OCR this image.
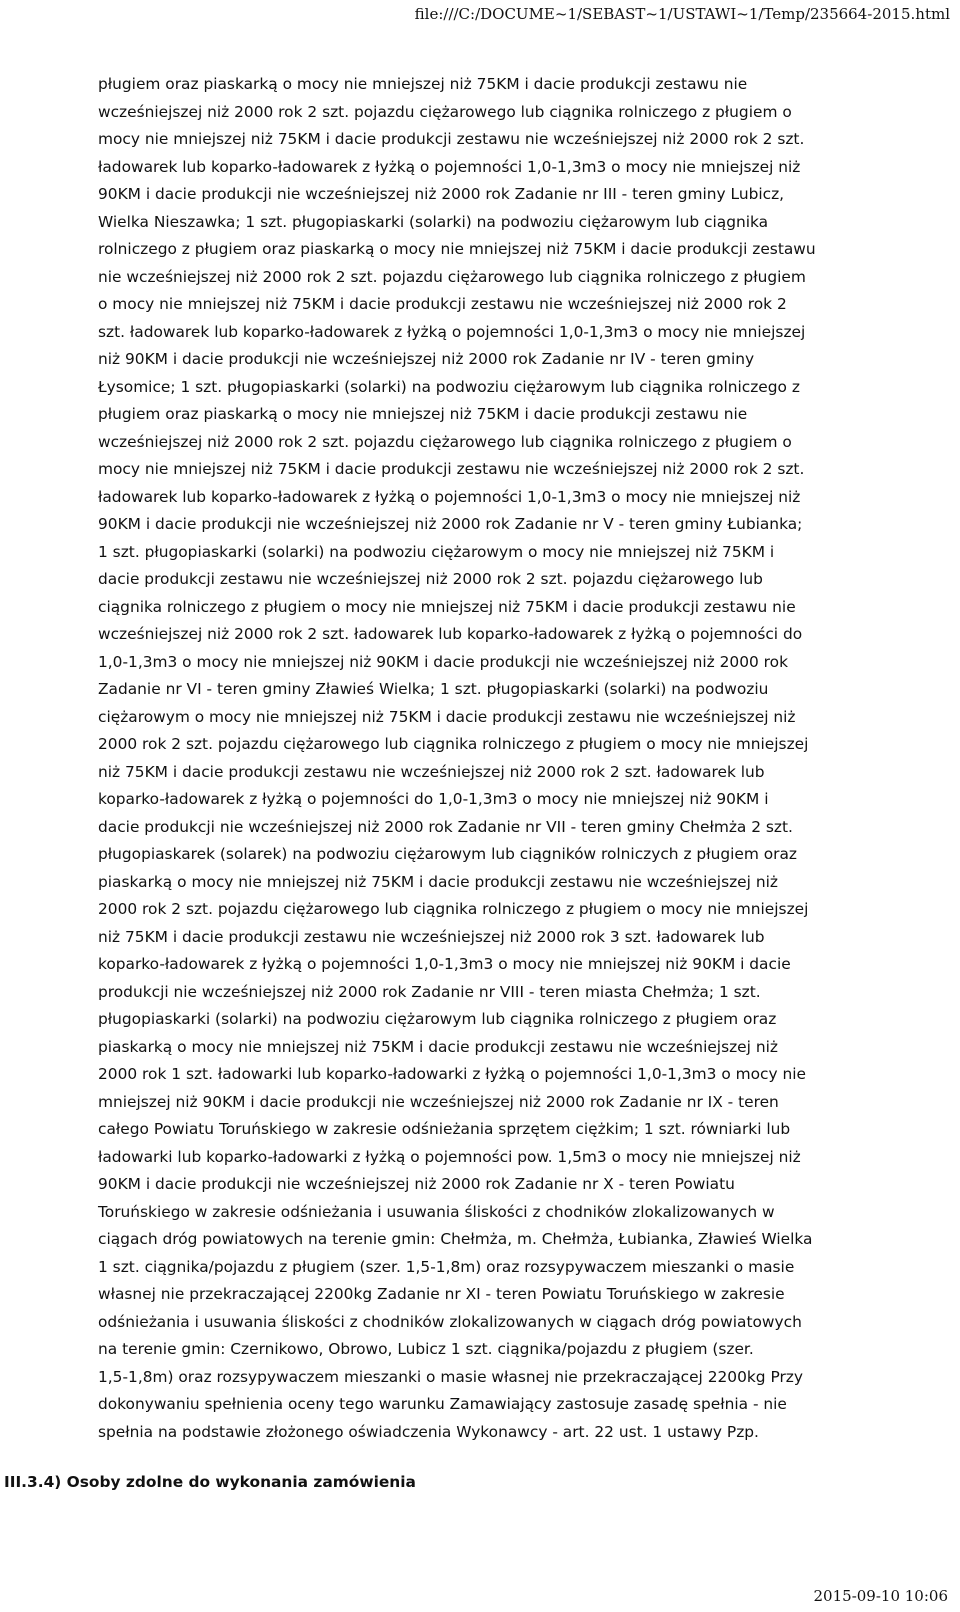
file:///C:/DOCUME~1/SEBAST~1/USTAWI~1/Temp/235664-2015.html
pługiem oraz piaskarką o mocy nie mniejszej niż 75KM i dacie produkcji zestawu nie
wcześniejszej niż 2000 rok 2 szt. pojazdu ciężarowego lub ciągnika rolniczego z pługiem o
mocy nie mniejszej niż 75KM i dacie produkcji zestawu nie wcześniejszej niż 2000 rok 2 szt.
ładowarek lub koparko-ładowarek z łyżką o pojemności 1,0-1,3m3 o mocy nie mniejszej niż
90KM i dacie produkcji nie wcześniejszej niż 2000 rok Zadanie nr III - teren gminy Lubicz,
Wielka Nieszawka; 1 szt. pługopiaskarki (solarki) na podwoziu ciężarowym lub ciągnika
rolniczego z pługiem oraz piaskarką o mocy nie mniejszej niż 75KM i dacie produkcji zestawu
nie wcześniejszej niż 2000 rok 2 szt. pojazdu ciężarowego lub ciągnika rolniczego z pługiem
o mocy nie mniejszej niż 75KM i dacie produkcji zestawu nie wcześniejszej niż 2000 rok 2
szt. ładowarek lub koparko-ładowarek z łyżką o pojemności 1,0-1,3m3 o mocy nie mniejszej
niż 90KM i dacie produkcji nie wcześniejszej niż 2000 rok Zadanie nr IV - teren gminy
Łysomice; 1 szt. pługopiaskarki (solarki) na podwoziu ciężarowym lub ciągnika rolniczego z
pługiem oraz piaskarką o mocy nie mniejszej niż 75KM i dacie produkcji zestawu nie
wcześniejszej niż 2000 rok 2 szt. pojazdu ciężarowego lub ciągnika rolniczego z pługiem o
mocy nie mniejszej niż 75KM i dacie produkcji zestawu nie wcześniejszej niż 2000 rok 2 szt.
ładowarek lub koparko-ładowarek z łyżką o pojemności 1,0-1,3m3 o mocy nie mniejszej niż
90KM i dacie produkcji nie wcześniejszej niż 2000 rok Zadanie nr V - teren gminy Łubianka;
1 szt. pługopiaskarki (solarki) na podwoziu ciężarowym o mocy nie mniejszej niż 75KM i
dacie produkcji zestawu nie wcześniejszej niż 2000 rok 2 szt. pojazdu ciężarowego lub
ciągnika rolniczego z pługiem o mocy nie mniejszej niż 75KM i dacie produkcji zestawu nie
wcześniejszej niż 2000 rok 2 szt. ładowarek lub koparko-ładowarek z łyżką o pojemności do
1,0-1,3m3 o mocy nie mniejszej niż 90KM i dacie produkcji nie wcześniejszej niż 2000 rok
Zadanie nr VI - teren gminy Zławieś Wielka; 1 szt. pługopiaskarki (solarki) na podwoziu
ciężarowym o mocy nie mniejszej niż 75KM i dacie produkcji zestawu nie wcześniejszej niż
2000 rok 2 szt. pojazdu ciężarowego lub ciągnika rolniczego z pługiem o mocy nie mniejszej
niż 75KM i dacie produkcji zestawu nie wcześniejszej niż 2000 rok 2 szt. ładowarek lub
koparko-ładowarek z łyżką o pojemności do 1,0-1,3m3 o mocy nie mniejszej niż 90KM i
dacie produkcji nie wcześniejszej niż 2000 rok Zadanie nr VII - teren gminy Chełmża 2 szt.
pługopiaskarek (solarek) na podwoziu ciężarowym lub ciągników rolniczych z pługiem oraz
piaskarką o mocy nie mniejszej niż 75KM i dacie produkcji zestawu nie wcześniejszej niż
2000 rok 2 szt. pojazdu ciężarowego lub ciągnika rolniczego z pługiem o mocy nie mniejszej
niż 75KM i dacie produkcji zestawu nie wcześniejszej niż 2000 rok 3 szt. ładowarek lub
koparko-ładowarek z łyżką o pojemności 1,0-1,3m3 o mocy nie mniejszej niż 90KM i dacie
produkcji nie wcześniejszej niż 2000 rok Zadanie nr VIII - teren miasta Chełmża; 1 szt.
pługopiaskarki (solarki) na podwoziu ciężarowym lub ciągnika rolniczego z pługiem oraz
piaskarką o mocy nie mniejszej niż 75KM i dacie produkcji zestawu nie wcześniejszej niż
2000 rok 1 szt. ładowarki lub koparko-ładowarki z łyżką o pojemności 1,0-1,3m3 o mocy nie
mniejszej niż 90KM i dacie produkcji nie wcześniejszej niż 2000 rok Zadanie nr IX - teren
całego Powiatu Toruńskiego w zakresie odśnieżania sprzętem ciężkim; 1 szt. równiarki lub
ładowarki lub koparko-ładowarki z łyżką o pojemności pow. 1,5m3 o mocy nie mniejszej niż
90KM i dacie produkcji nie wcześniejszej niż 2000 rok Zadanie nr X - teren Powiatu
Toruńskiego w zakresie odśnieżania i usuwania śliskości z chodników zlokalizowanych w
ciągach dróg powiatowych na terenie gmin: Chełmża, m. Chełmża, Łubianka, Zławieś Wielka
1 szt. ciągnika/pojazdu z pługiem (szer. 1,5-1,8m) oraz rozsypywaczem mieszanki o masie
własnej nie przekraczającej 2200kg Zadanie nr XI - teren Powiatu Toruńskiego w zakresie
odśnieżania i usuwania śliskości z chodników zlokalizowanych w ciągach dróg powiatowych
na terenie gmin: Czernikowo, Obrowo, Lubicz 1 szt. ciągnika/pojazdu z pługiem (szer.
1,5-1,8m) oraz rozsypywaczem mieszanki o masie własnej nie przekraczającej 2200kg Przy
dokonywaniu spełnienia oceny tego warunku Zamawiający zastosuje zasadę spełnia - nie
spełnia na podstawie złożonego oświadczenia Wykonawcy - art. 22 ust. 1 ustawy Pzp.
III.3.4) Osoby zdolne do wykonania zamówienia
2015-09-10 10:06
